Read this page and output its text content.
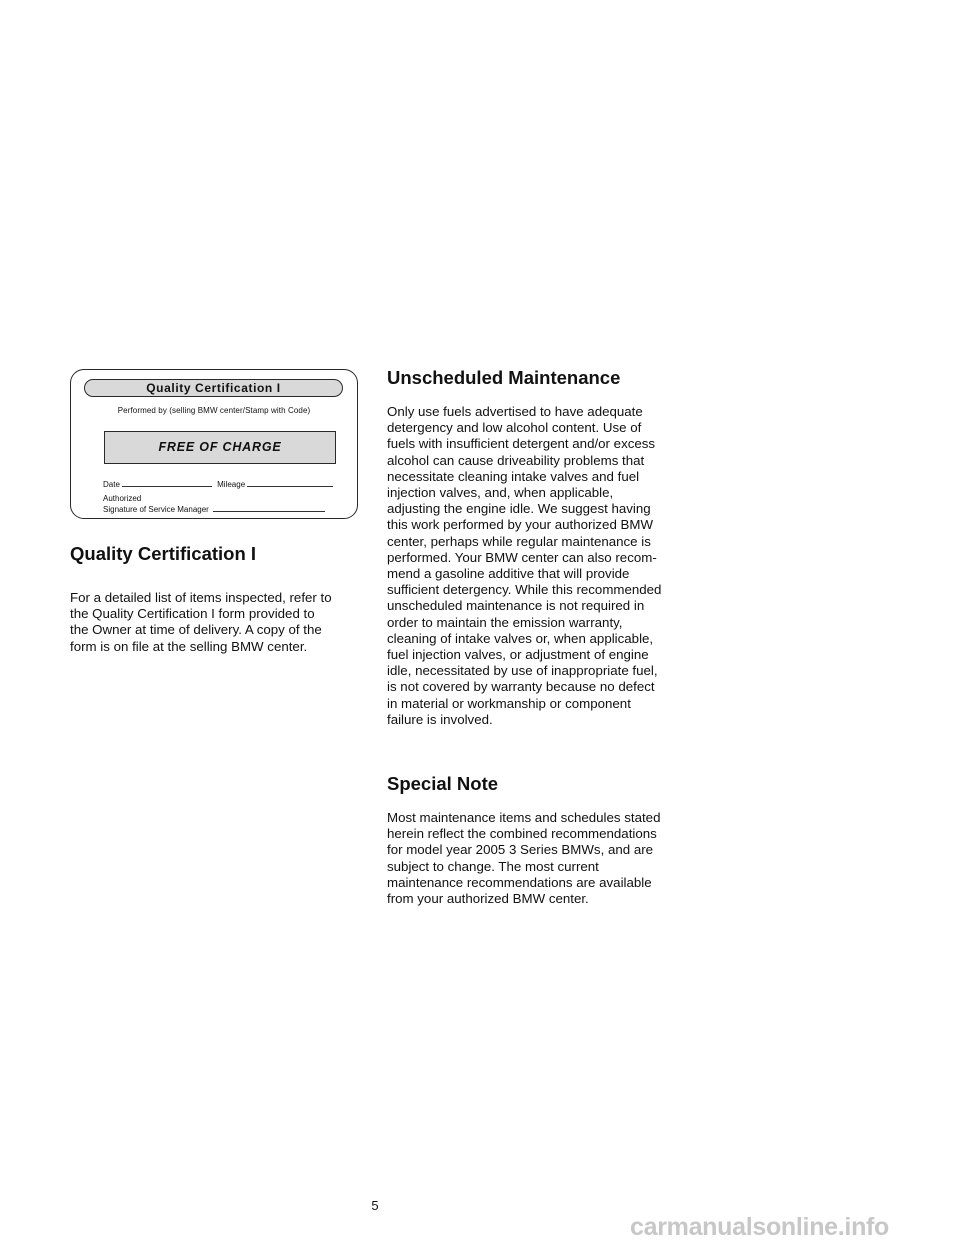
Quality Certification I
Performed by (selling BMW center/Stamp with Code)
FREE OF CHARGE
Date	Mileage
Authorized
Signature of Service Manager
Quality Certification I

For a detailed list of items inspected, refer to
the Quality Certification I form provided to
the Owner at time of delivery. A copy of the
form is on file at the selling BMW center.

Unscheduled Maintenance

Only use fuels advertised to have adequate
detergency and low alcohol content. Use of
fuels with insufficient detergent and/or excess
alcohol can cause driveability problems that
necessitate cleaning intake valves and fuel
injection valves, and, when applicable,
adjusting the engine idle. We suggest having
this work performed by your authorized BMW
center, perhaps while regular maintenance is
performed. Your BMW center can also recom-
mend a gasoline additive that will provide
sufficient detergency. While this recommended
unscheduled maintenance is not required in
order to maintain the emission warranty,
cleaning of intake valves or, when applicable,
fuel injection valves, or adjustment of engine
idle, necessitated by use of inappropriate fuel,
is not covered by warranty because no defect
in material or workmanship or component
failure is involved.

Special Note

Most maintenance items and schedules stated
herein reflect the combined recommendations
for model year 2005 3 Series BMWs, and are
subject to change. The most current
maintenance recommendations are available
from your authorized BMW center.

5
carmanualsonline.info
